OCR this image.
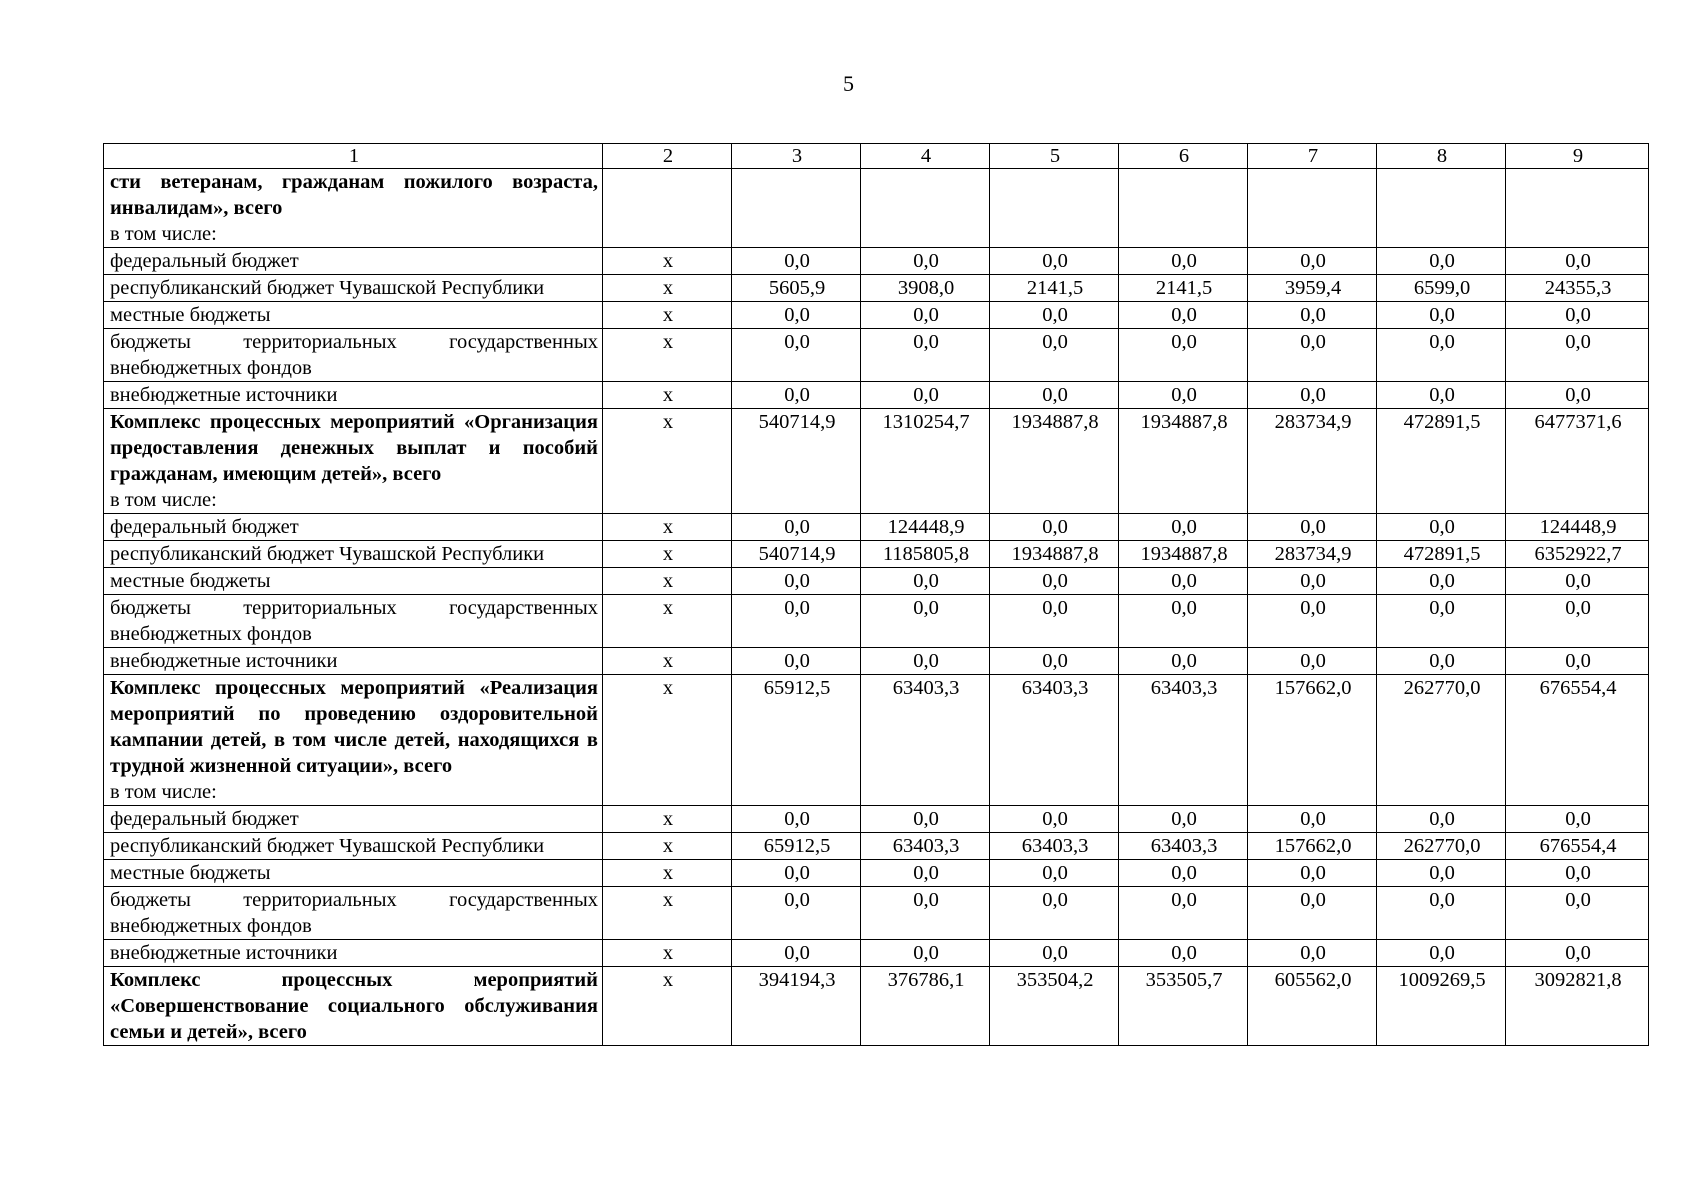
5
1	2	3	4	5	6	7	8	9
сти ветеранам, гражданам пожилого возраста, инвалидам», всего
в том числе:								

федеральный бюджет	х	0,0	0,0	0,0	0,0	0,0	0,0	0,0
республиканский бюджет Чувашской Республики	х	5605,9	3908,0	2141,5	2141,5	3959,4	6599,0	24355,3
местные бюджеты	х	0,0	0,0	0,0	0,0	0,0	0,0	0,0
бюджеты территориальных государственных внебюджетных фондов	х	0,0	0,0	0,0	0,0	0,0	0,0	0,0
внебюджетные источники	х	0,0	0,0	0,0	0,0	0,0	0,0	0,0
Комплекс процессных мероприятий «Организация предоставления денежных выплат и пособий гражданам, имеющим детей», всего
в том числе:	х	540714,9	1310254,7	1934887,8	1934887,8	283734,9	472891,5	6477371,6
федеральный бюджет	х	0,0	124448,9	0,0	0,0	0,0	0,0	124448,9
республиканский бюджет Чувашской Республики	х	540714,9	1185805,8	1934887,8	1934887,8	283734,9	472891,5	6352922,7
местные бюджеты	х	0,0	0,0	0,0	0,0	0,0	0,0	0,0
бюджеты территориальных государственных внебюджетных фондов	х	0,0	0,0	0,0	0,0	0,0	0,0	0,0
внебюджетные источники	х	0,0	0,0	0,0	0,0	0,0	0,0	0,0
Комплекс процессных мероприятий «Реализация мероприятий по проведению оздоровительной кампании детей, в том числе детей, находящихся в трудной жизненной ситуации», всего
в том числе:	х	65912,5	63403,3	63403,3	63403,3	157662,0	262770,0	676554,4
федеральный бюджет	х	0,0	0,0	0,0	0,0	0,0	0,0	0,0
республиканский бюджет Чувашской Республики	х	65912,5	63403,3	63403,3	63403,3	157662,0	262770,0	676554,4
местные бюджеты	х	0,0	0,0	0,0	0,0	0,0	0,0	0,0
бюджеты территориальных государственных внебюджетных фондов	х	0,0	0,0	0,0	0,0	0,0	0,0	0,0
внебюджетные источники	х	0,0	0,0	0,0	0,0	0,0	0,0	0,0
Комплекс процессных мероприятий «Совершенствование социального обслуживания семьи и детей», всего	х	394194,3	376786,1	353504,2	353505,7	605562,0	1009269,5	3092821,8
